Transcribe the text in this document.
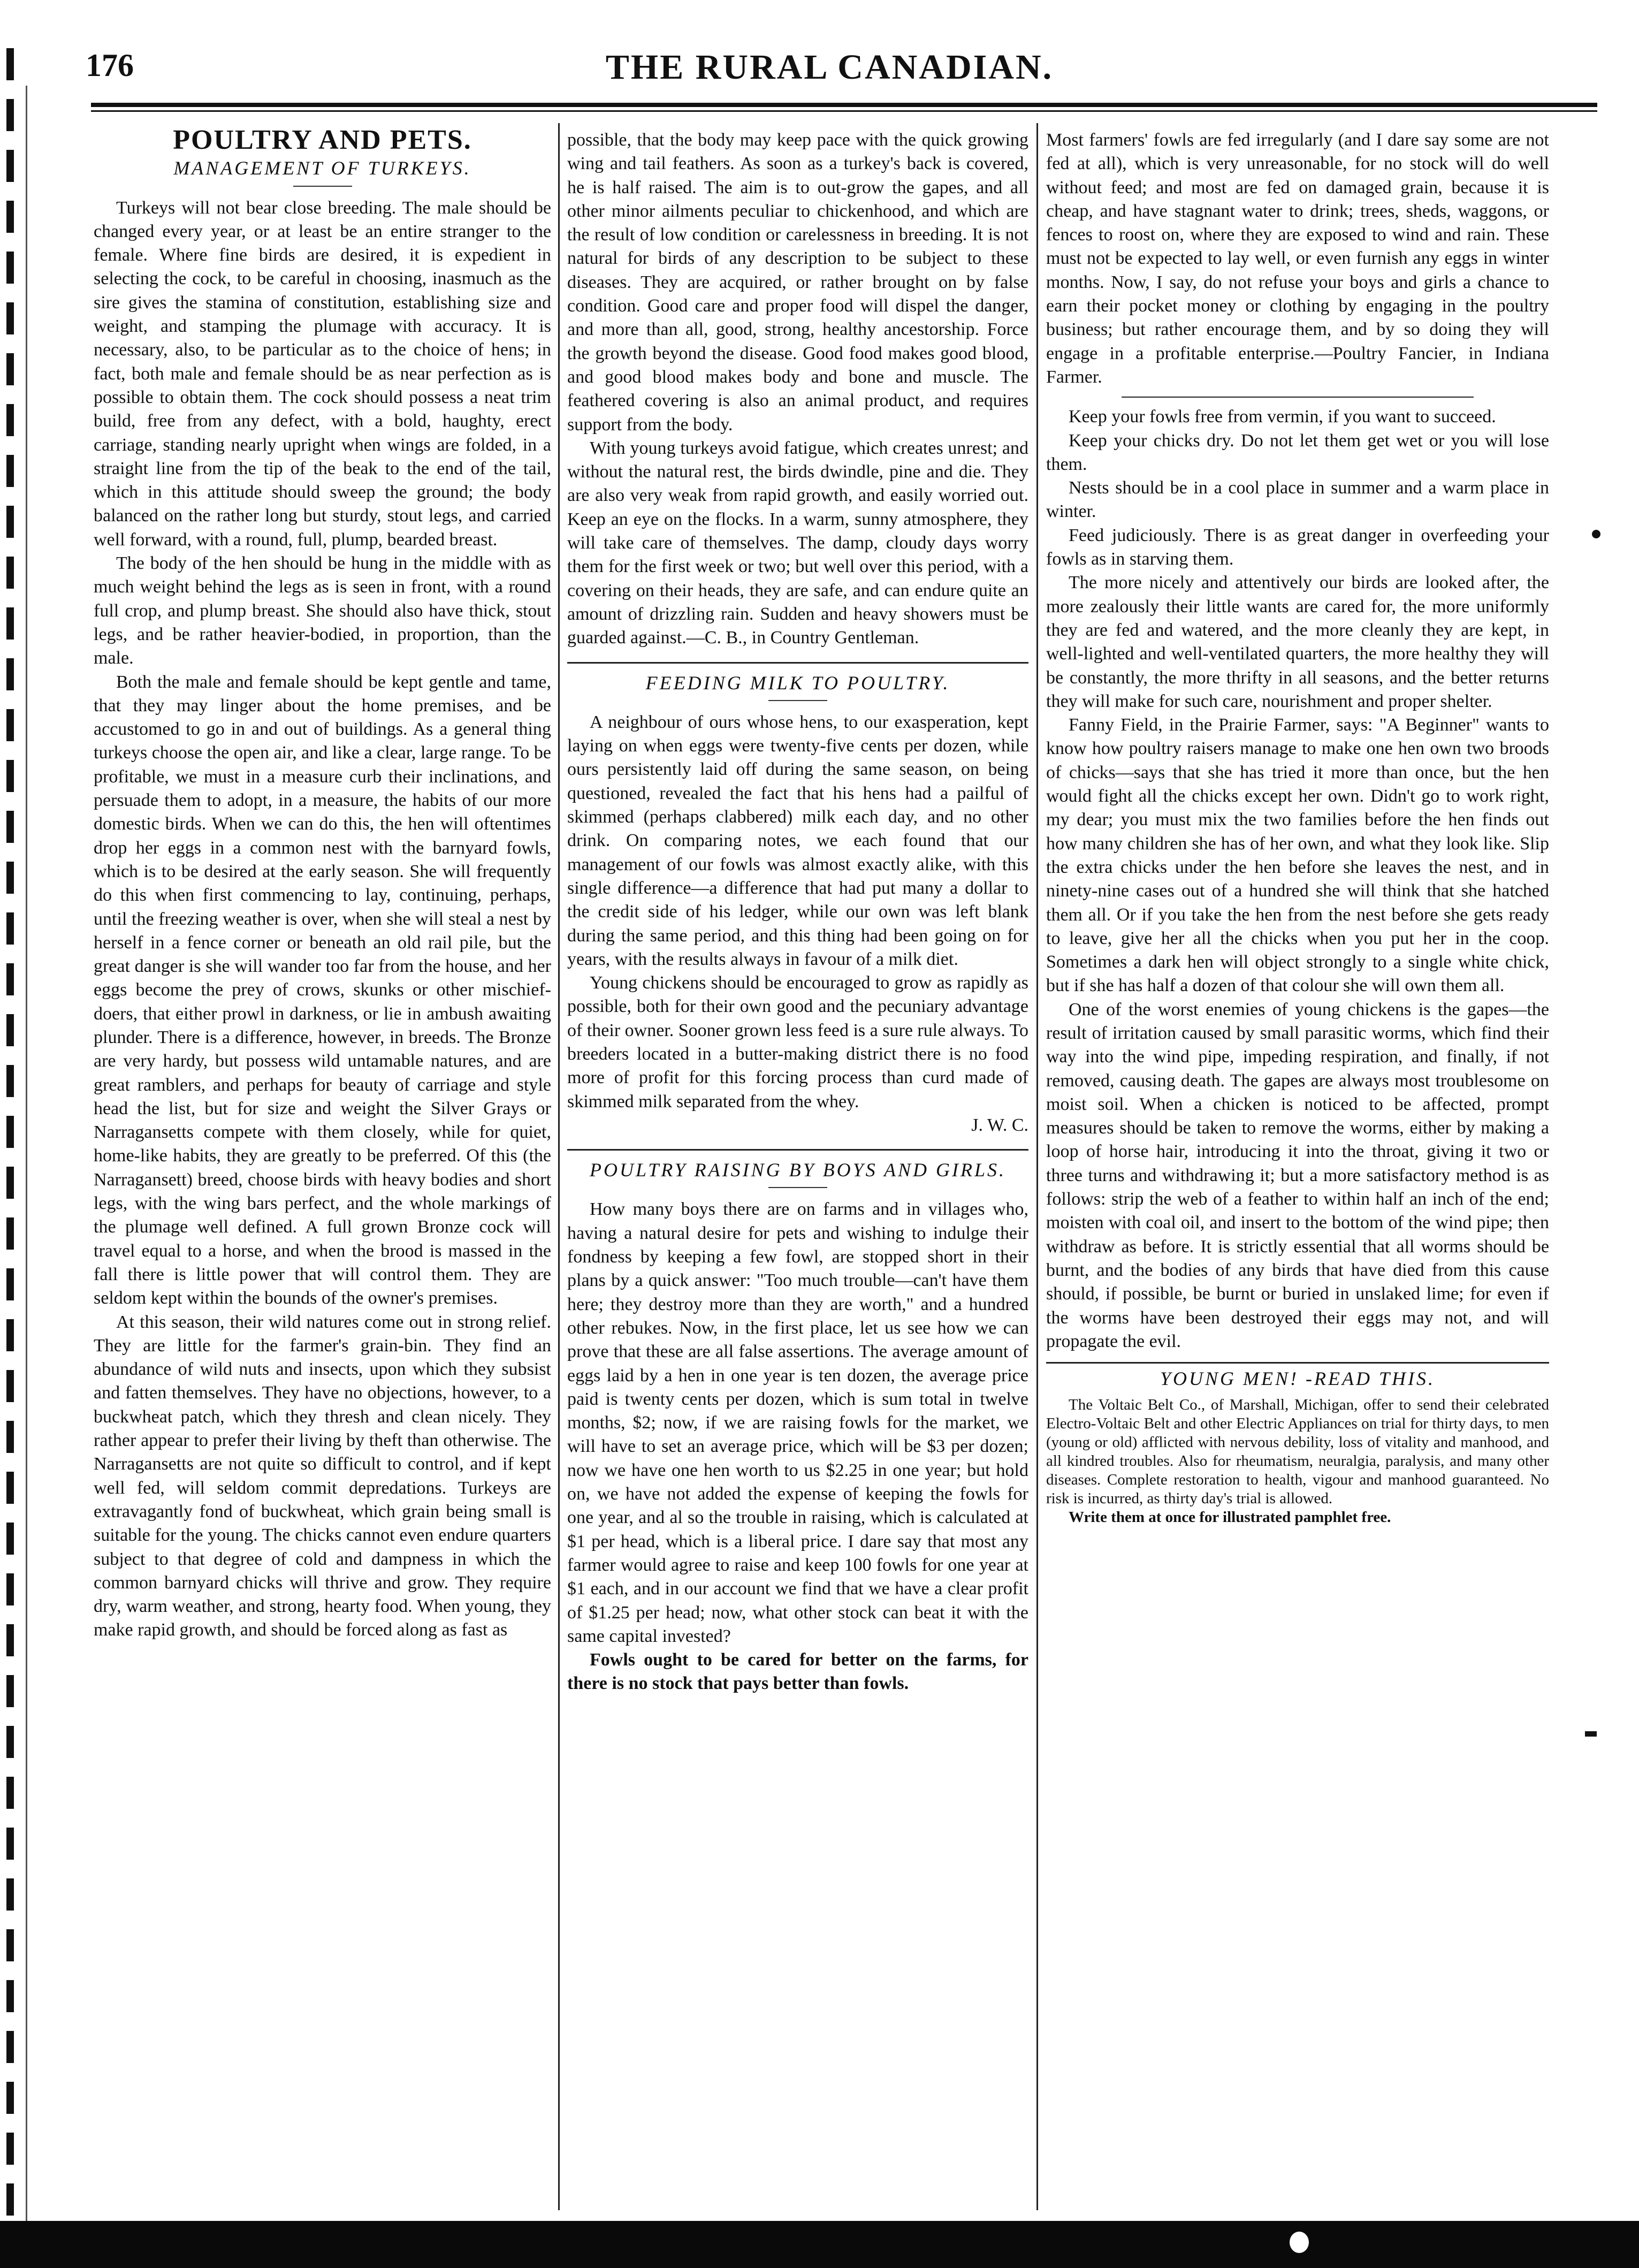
176	THE RURAL CANADIAN.
POULTRY AND PETS.
MANAGEMENT OF TURKEYS.

Turkeys will not bear close breeding. The male should be changed every year, or at least be an entire stranger to the female. Where fine birds are desired, it is expedient in selecting the cock, to be careful in choosing, inasmuch as the sire gives the stamina of constitution, establishing size and weight, and stamping the plumage with accuracy. It is necessary, also, to be particular as to the choice of hens; in fact, both male and female should be as near perfection as is possible to obtain them. The cock should possess a neat trim build, free from any defect, with a bold, haughty, erect carriage, standing nearly upright when wings are folded, in a straight line from the tip of the beak to the end of the tail, which in this attitude should sweep the ground; the body balanced on the rather long but sturdy, stout legs, and carried well forward, with a round, full, plump, bearded breast.

The body of the hen should be hung in the middle with as much weight behind the legs as is seen in front, with a round full crop, and plump breast. She should also have thick, stout legs, and be rather heavier-bodied, in proportion, than the male.

Both the male and female should be kept gentle and tame, that they may linger about the home premises, and be accustomed to go in and out of buildings. As a general thing turkeys choose the open air, and like a clear, large range. To be profitable, we must in a measure curb their inclinations, and persuade them to adopt, in a measure, the habits of our more domestic birds. When we can do this, the hen will oftentimes drop her eggs in a common nest with the barnyard fowls, which is to be desired at the early season. She will frequently do this when first commencing to lay, continuing, perhaps, until the freezing weather is over, when she will steal a nest by herself in a fence corner or beneath an old rail pile, but the great danger is she will wander too far from the house, and her eggs become the prey of crows, skunks or other mischief-doers, that either prowl in darkness, or lie in ambush awaiting plunder. There is a difference, however, in breeds. The Bronze are very hardy, but possess wild untamable natures, and are great ramblers, and perhaps for beauty of carriage and style head the list, but for size and weight the Silver Grays or Narragansetts compete with them closely, while for quiet, home-like habits, they are greatly to be preferred. Of this (the Narragansett) breed, choose birds with heavy bodies and short legs, with the wing bars perfect, and the whole markings of the plumage well defined. A full grown Bronze cock will travel equal to a horse, and when the brood is massed in the fall there is little power that will control them. They are seldom kept within the bounds of the owner's premises.

At this season, their wild natures come out in strong relief. They are little for the farmer's grain-bin. They find an abundance of wild nuts and insects, upon which they subsist and fatten themselves. They have no objections, however, to a buckwheat patch, which they thresh and clean nicely. They rather appear to prefer their living by theft than otherwise. The Narragansetts are not quite so difficult to control, and if kept well fed, will seldom commit depredations. Turkeys are extravagantly fond of buckwheat, which grain being small is suitable for the young. The chicks cannot even endure quarters subject to that degree of cold and dampness in which the common barnyard chicks will thrive and grow. They require dry, warm weather, and strong, hearty food. When young, they make rapid growth, and should be forced along as fast as

possible, that the body may keep pace with the quick growing wing and tail feathers. As soon as a turkey's back is covered, he is half raised. The aim is to out-grow the gapes, and all other minor ailments peculiar to chickenhood, and which are the result of low condition or carelessness in breeding. It is not natural for birds of any description to be subject to these diseases. They are acquired, or rather brought on by false condition. Good care and proper food will dispel the danger, and more than all, good, strong, healthy ancestorship. Force the growth beyond the disease. Good food makes good blood, and good blood makes body and bone and muscle. The feathered covering is also an animal product, and requires support from the body.

With young turkeys avoid fatigue, which creates unrest; and without the natural rest, the birds dwindle, pine and die. They are also very weak from rapid growth, and easily worried out. Keep an eye on the flocks. In a warm, sunny atmosphere, they will take care of themselves. The damp, cloudy days worry them for the first week or two; but well over this period, with a covering on their heads, they are safe, and can endure quite an amount of drizzling rain. Sudden and heavy showers must be guarded against.—C. B., in Country Gentleman.

FEEDING MILK TO POULTRY.

A neighbour of ours whose hens, to our exasperation, kept laying on when eggs were twenty-five cents per dozen, while ours persistently laid off during the same season, on being questioned, revealed the fact that his hens had a pailful of skimmed (perhaps clabbered) milk each day, and no other drink. On comparing notes, we each found that our management of our fowls was almost exactly alike, with this single difference—a difference that had put many a dollar to the credit side of his ledger, while our own was left blank during the same period, and this thing had been going on for years, with the results always in favour of a milk diet.

Young chickens should be encouraged to grow as rapidly as possible, both for their own good and the pecuniary advantage of their owner. Sooner grown less feed is a sure rule always. To breeders located in a butter-making district there is no food more of profit for this forcing process than curd made of skimmed milk separated from the whey.

J. W. C.

POULTRY RAISING BY BOYS AND GIRLS.

How many boys there are on farms and in villages who, having a natural desire for pets and wishing to indulge their fondness by keeping a few fowl, are stopped short in their plans by a quick answer: "Too much trouble—can't have them here; they destroy more than they are worth," and a hundred other rebukes. Now, in the first place, let us see how we can prove that these are all false assertions. The average amount of eggs laid by a hen in one year is ten dozen, the average price paid is twenty cents per dozen, which is sum total in twelve months, $2; now, if we are raising fowls for the market, we will have to set an average price, which will be $3 per dozen; now we have one hen worth to us $2.25 in one year; but hold on, we have not added the expense of keeping the fowls for one year, and al so the trouble in raising, which is calculated at $1 per head, which is a liberal price. I dare say that most any farmer would agree to raise and keep 100 fowls for one year at $1 each, and in our account we find that we have a clear profit of $1.25 per head; now, what other stock can beat it with the same capital invested?

Fowls ought to be cared for better on the farms, for there is no stock that pays better than fowls.

Most farmers' fowls are fed irregularly (and I dare say some are not fed at all), which is very unreasonable, for no stock will do well without feed; and most are fed on damaged grain, because it is cheap, and have stagnant water to drink; trees, sheds, waggons, or fences to roost on, where they are exposed to wind and rain. These must not be expected to lay well, or even furnish any eggs in winter months. Now, I say, do not refuse your boys and girls a chance to earn their pocket money or clothing by engaging in the poultry business; but rather encourage them, and by so doing they will engage in a profitable enterprise.—Poultry Fancier, in Indiana Farmer.

Keep your fowls free from vermin, if you want to succeed.

Keep your chicks dry. Do not let them get wet or you will lose them.

Nests should be in a cool place in summer and a warm place in winter.

Feed judiciously. There is as great danger in overfeeding your fowls as in starving them.

The more nicely and attentively our birds are looked after, the more zealously their little wants are cared for, the more uniformly they are fed and watered, and the more cleanly they are kept, in well-lighted and well-ventilated quarters, the more healthy they will be constantly, the more thrifty in all seasons, and the better returns they will make for such care, nourishment and proper shelter.

Fanny Field, in the Prairie Farmer, says: "A Beginner" wants to know how poultry raisers manage to make one hen own two broods of chicks—says that she has tried it more than once, but the hen would fight all the chicks except her own. Didn't go to work right, my dear; you must mix the two families before the hen finds out how many children she has of her own, and what they look like. Slip the extra chicks under the hen before she leaves the nest, and in ninety-nine cases out of a hundred she will think that she hatched them all. Or if you take the hen from the nest before she gets ready to leave, give her all the chicks when you put her in the coop. Sometimes a dark hen will object strongly to a single white chick, but if she has half a dozen of that colour she will own them all.

One of the worst enemies of young chickens is the gapes—the result of irritation caused by small parasitic worms, which find their way into the wind pipe, impeding respiration, and finally, if not removed, causing death. The gapes are always most troublesome on moist soil. When a chicken is noticed to be affected, prompt measures should be taken to remove the worms, either by making a loop of horse hair, introducing it into the throat, giving it two or three turns and withdrawing it; but a more satisfactory method is as follows: strip the web of a feather to within half an inch of the end; moisten with coal oil, and insert to the bottom of the wind pipe; then withdraw as before. It is strictly essential that all worms should be burnt, and the bodies of any birds that have died from this cause should, if possible, be burnt or buried in unslaked lime; for even if the worms have been destroyed their eggs may not, and will propagate the evil.

YOUNG MEN! -READ THIS.

The Voltaic Belt Co., of Marshall, Michigan, offer to send their celebrated Electro-Voltaic Belt and other Electric Appliances on trial for thirty days, to men (young or old) afflicted with nervous debility, loss of vitality and manhood, and all kindred troubles. Also for rheumatism, neuralgia, paralysis, and many other diseases. Complete restoration to health, vigour and manhood guaranteed. No risk is incurred, as thirty day's trial is allowed.

Write them at once for illustrated pamphlet free.
